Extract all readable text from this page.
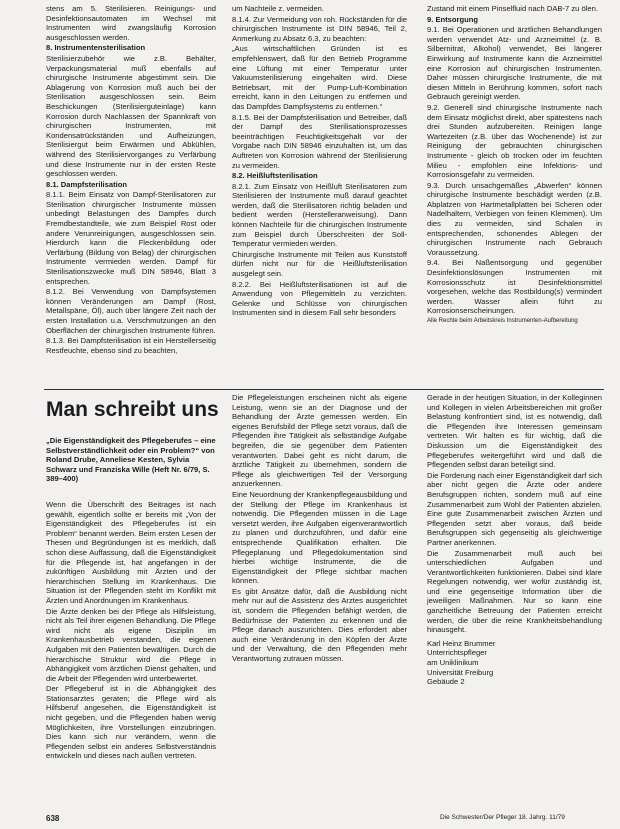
stens am 5. Sterilisieren. Reinigungs- und Desinfektionsautomaten im Wechsel mit Instrumenten wird zwangsläufig Korrosion ausgeschlossen werden.

8. Instrumentensterilisation

Sterilisierzubehör wie z.B. Behälter, Verpackungsmaterial muß ebenfalls auf chirurgische Instrumente abgestimmt sein. Die Ablagerung von Korrosion muß auch bei der Sterilisation ausgeschlossen sein. Beim Beschickungen (Sterilisierguteinlage) kann Korrosion durch Nachlassen der Spannkraft von chirurgischen Instrumenten, mit Kondensatrückständen und Aufheizungen, Sterilisiergut beim Erwärmen und Abkühlen, während des Sterilisiervorganges zu Verfärbung und diese Instrumente nur in der ersten Reste geschlossen werden.

8.1. Dampfsterilisation

8.1.1. Beim Einsatz von Dampf-Sterilisatoren zur Sterilisation chirurgischer Instrumente müssen unbedingt Belastungen des Dampfes durch Fremdbestandteile, wie zum Beispiel Rost oder andere Verunreinigungen, ausgeschlossen sein. Hierdurch kann die Fleckenbildung oder Verfärbung (Bildung von Belag) der chirurgischen Instrumente vermieden werden. Dampf für Sterilisationszwecke muß DIN 58946, Blatt 3 entsprechen.

8.1.2. Bei Verwendung von Dampfsystemen können Veränderungen am Dampf (Rost, Metallspäne, Öl), auch über längere Zeit nach der ersten Installation u.a. Verschmutzungen an den Oberflächen der chirurgischen Instrumente führen.

8.1.3. Bei Dampfsterilisation ist ein Herstellerseitig Restfeuchte, ebenso sind zu beachten,

um Nachteile z. vermeiden.

8.1.4. Zur Vermeidung von roh. Rückständen für die chirurgischen Instrumente ist DIN 58946, Teil 2, Anmerkung zu Absatz 6.3, zu beachten:

„Aus wirtschaftlichen Gründen ist es empfehlenswert, daß für den Betrieb Programme eine Lüftung mit einer Temperatur unter Vakuumsterilisierung eingehalten wird. Diese Betriebsart, mit der Pump-Luft-Kombination erreicht, kann in den Leitungen zu entfernen und das Dampfdes Dampfsystems zu entfernen.“

8.1.5. Bei der Dampfsterilisation und Betreiber, daß der Dampf des Sterilisationsprozesses beeinträchtigen Feuchtigkeitsgehalt vor der Vorgabe nach DIN 58946 einzuhalten ist, um das Auftreten von Korrosion während der Sterilisierung zu vermeiden.

8.2. Heißluftsterilisation

8.2.1. Zum Einsatz von Heißluft Sterilisatoren zum Sterilisieren der Instrumente muß darauf geachtet werden, daß die Sterilisatoren richtig beladen und bedient werden (Herstelleranweisung). Dann können Nachteile für die chirurgischen Instrumente zum Beispiel durch Überschreiten der Soll-Temperatur vermieden werden.

Chirurgische Instrumente mit Teilen aus Kunststoff dürfen nicht nur für die Heißluftsterilisation ausgelegt sein.

8.2.2. Bei Heißluftsterilisationen ist auf die Anwendung von Pflegemitteln zu verzichten. Gelenke und Schlüsse von chirurgischen Instrumenten sind in diesem Fall sehr besonders

Zustand mit einem Pinselfluid nach DAB-7 zu ölen.

9. Entsorgung

9.1. Bei Operationen und ärztlichen Behandlungen werden verwendet Atz- und Arzneimittel (z. B. Silbernitrat, Alkohol) verwendet, Bei längerer Einwirkung auf Instrumente kann die Arzneimittel eine Korrosion auf chirurgischen Instrumenten. Daher müssen chirurgische Instrumente, die mit diesen Mitteln in Berührung kommen, sofort nach Gebrauch gereinigt werden.

9.2. Generell sind chirurgische Instrumente nach dem Einsatz möglichst direkt, aber spätestens nach drei Stunden aufzubereiten. Reinigen lange Wartezeiten (z.B. über das Wochenende) ist zur Reinigung der gebrauchten chirurgischen Instrumente - gleich ob trocken oder im feuchten Milieu - empfohlen eine Infektions- und Korrosionsgefahr zu vermeiden.

9.3. Durch unsachgemäßes „Abwerfen“ können chirurgische Instrumente beschädigt werden (z.B. Abplatzen von Hartmetallplatten bei Scheren oder Nadelhaltern, Verbiegen von feinen Klemmen). Um dies zu vermeiden, sind Schalen in entsprechenden, schonendes Ablegen der chirurgischen Instrumente nach Gebrauch Voraussetzung.

9.4. Bei Naßentsorgung und gegenüber Desinfektionslösungen Instrumenten mit Korrosionsschutz ist Desinfektionsmittel vorgesehen, welche das Rostbildung(s) vermindert werden. Wasser allein führt zu Korrosionserscheinungen.

Alle Rechte beim Arbeitskreis Instrumenten-Aufbereitung

Man schreibt uns
„Die Eigenständigkeit des Pflegeberufes – eine Selbstverständlichkeit oder ein Problem?“ von Roland Drube, Anneliese Kesten, Sylvia Schwarz und Franziska Wille (Heft Nr. 6/79, S. 389–400)

Wenn die Überschrift des Beitrages ist nach gewählt, eigentlich sollte er bereits mit „Von der Eigenständigkeit des Pflegeberufes ist ein Problem“ benannt werden. Beim ersten Lesen der Thesen und Begründungen ist es merklich, daß schon diese Auffassung, daß die Eigenständigkeit für die Pflegende ist, hat angefangen in der zukünftigen Ausbildung mit Ärzten und der hierarchischen Stellung im Krankenhaus. Die Situation ist der Pflegenden steht im Konflikt mit Ärzten und Anordnungen im Krankenhaus.

Die Ärzte denken bei der Pflege als Hilfsleistung, nicht als Teil ihrer eigenen Behandlung. Die Pflege wird nicht als eigene Disziplin im Krankenhausbetrieb verstanden, die eigenen Aufgaben mit den Patienten bewältigen. Durch die hierarchische Struktur wird die Pflege in Abhängigkeit vom ärztlichen Dienst gehalten, und die Arbeit der Pflegenden wird unterbewertet.

Der Pflegeberuf ist in die Abhängigkeit des Stationsarztes geraten; die Pflege wird als Hilfsberuf angesehen, die Eigenständigkeit ist nicht gegeben, und die Pflegenden haben wenig Möglichkeiten, ihre Vorstellungen einzubringen. Dies kann sich nur verändern, wenn die Pflegenden selbst ein anderes Selbstverständnis entwickeln und dieses nach außen vertreten.

Die Pflegeleistungen erscheinen nicht als eigene Leistung, wenn sie an der Diagnose und der Behandlung der Ärzte gemessen werden. Ein eigenes Berufsbild der Pflege setzt voraus, daß die Pflegenden ihre Tätigkeit als selbständige Aufgabe begreifen, die sie gegenüber dem Patienten verantworten. Dabei geht es nicht darum, die ärztliche Tätigkeit zu übernehmen, sondern die Pflege als gleichwertigen Teil der Versorgung anzuerkennen.

Eine Neuordnung der Krankenpflegeausbildung und der Stellung der Pflege im Krankenhaus ist notwendig. Die Pflegenden müssen in die Lage versetzt werden, ihre Aufgaben eigenverantwortlich zu planen und durchzuführen, und dafür eine entsprechende Qualifikation erhalten. Die Pflegeplanung und Pflegedokumentation sind hierbei wichtige Instrumente, die die Eigenständigkeit der Pflege sichtbar machen können.

Es gibt Ansätze dafür, daß die Ausbildung nicht mehr nur auf die Assistenz des Arztes ausgerichtet ist, sondern die Pflegenden befähigt werden, die Bedürfnisse der Patienten zu erkennen und die Pflege danach auszurichten. Dies erfordert aber auch eine Veränderung in den Köpfen der Ärzte und der Verwaltung, die den Pflegenden mehr Verantwortung zutrauen müssen.

Gerade in der heutigen Situation, in der Kolleginnen und Kollegen in vielen Arbeitsbereichen mit großer Belastung konfrontiert sind, ist es notwendig, daß die Pflegenden ihre Interessen gemeinsam vertreten. Wir halten es für wichtig, daß die Diskussion um die Eigenständigkeit des Pflegeberufes weitergeführt wird und daß die Pflegenden selbst daran beteiligt sind.

Die Forderung nach einer Eigenständigkeit darf sich aber nicht gegen die Ärzte oder andere Berufsgruppen richten, sondern muß auf eine Zusammenarbeit zum Wohl der Patienten abzielen. Eine gute Zusammenarbeit zwischen Ärzten und Pflegenden setzt aber voraus, daß beide Berufsgruppen sich gegenseitig als gleichwertige Partner anerkennen.

Die Zusammenarbeit muß auch bei unterschiedlichen Aufgaben und Verantwortlichkeiten funktionieren. Dabei sind klare Regelungen notwendig, wer wofür zuständig ist, und eine gegenseitige Information über die jeweiligen Maßnahmen. Nur so kann eine ganzheitliche Betreuung der Patienten erreicht werden, die über die reine Krankheitsbehandlung hinausgeht.

Karl Heinz Brummer
Unterrichtspfleger
am Uniklinikum
Universität Freiburg
Gebäude 2
638	Die Schwester/Der Pfleger 18. Jahrg. 11/79
